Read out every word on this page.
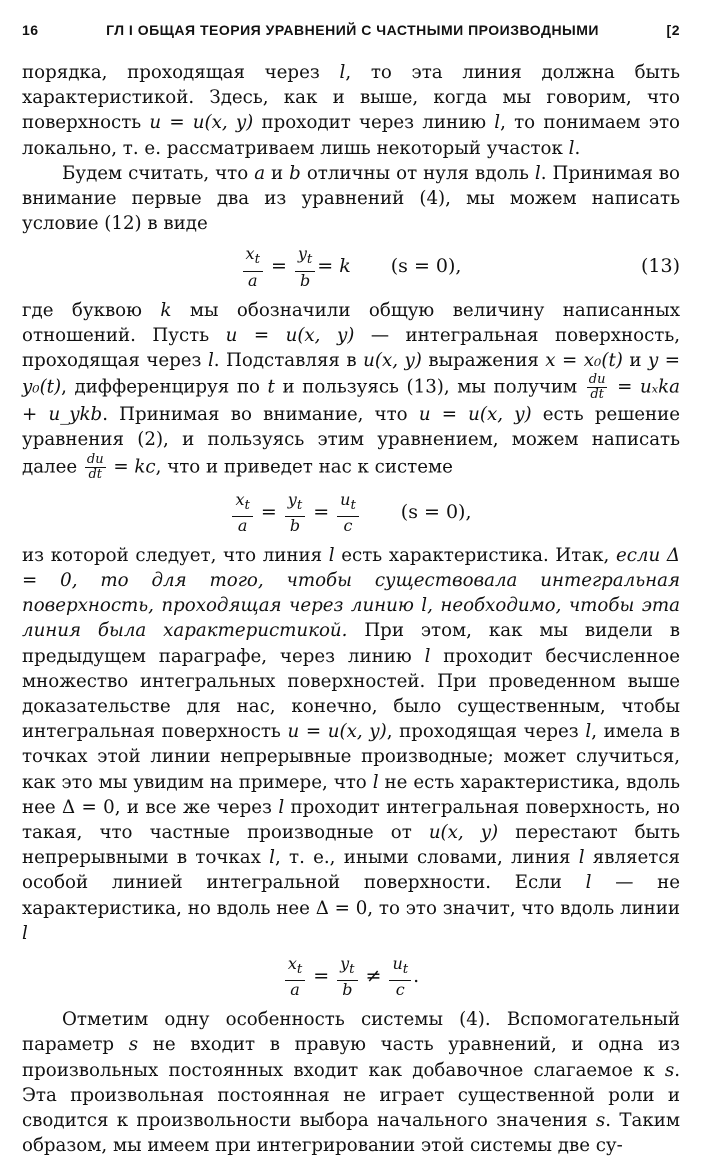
16	ГЛ I ОБЩАЯ ТЕОРИЯ УРАВНЕНИЙ С ЧАСТНЫМИ ПРОИЗВОДНЫМИ	[2

порядка, проходящая через l, то эта линия должна быть характеристикой. Здесь, как и выше, когда мы говорим, что поверхность u = u(x, y) проходит через линию l, то понимаем это локально, т. е. рассматриваем лишь некоторый участок l.

Будем считать, что a и b отличны от нуля вдоль l. Принимая во внимание первые два из уравнений (4), мы можем написать условие (12) в виде

$\frac{x_t}{a} = \frac{y_t}{b} = k$ (s = 0),	(13)

где буквою k мы обозначили общую величину написанных отношений. Пусть u = u(x, y) — интегральная поверхность, проходящая через l. Подставляя в u(x, y) выражения x = x₀(t) и y = y₀(t), дифференцируя по t и пользуясь (13), мы получим $\frac{du}{dt} = u_xka$ + u_ykb. Принимая во внимание, что u = u(x, y) есть решение уравнения (2), и пользуясь этим уравнением, можем написать далее $\frac{du}{dt}$ = kc, что и приведет нас к системе

$\frac{x_t}{a} = \frac{y_t}{b} = \frac{u_t}{c} (s = 0)$,

из которой следует, что линия l есть характеристика. Итак, если Δ = 0, то для того, чтобы существовала интегральная поверхность, проходящая через линию l, необходимо, чтобы эта линия была характеристикой. При этом, как мы видели в предыдущем параграфе, через линию l проходит бесчисленное множество интегральных поверхностей. При проведенном выше доказательстве для нас, конечно, было существенным, чтобы интегральная поверхность u = u(x, y), проходящая через l, имела в точках этой линии непрерывные производные; может случиться, как это мы увидим на примере, что l не есть характеристика, вдоль нее Δ = 0, и все же через l проходит интегральная поверхность, но такая, что частные производные от u(x, y) перестают быть непрерывными в точках l, т. е., иными словами, линия l является особой линией интегральной поверхности. Если l — не характеристика, но вдоль нее Δ = 0, то это значит, что вдоль линии l

$\frac{x_t}{a} = \frac{y_t}{b} \ne \frac{u_t}{c}$ .

Отметим одну особенность системы (4). Вспомогательный параметр s не входит в правую часть уравнений, и одна из произвольных постоянных входит как добавочное слагаемое к s. Эта произвольная постоянная не играет существенной роли и сводится к произвольности выбора начального значения s. Таким образом, мы имеем при интегрировании этой системы две су-
